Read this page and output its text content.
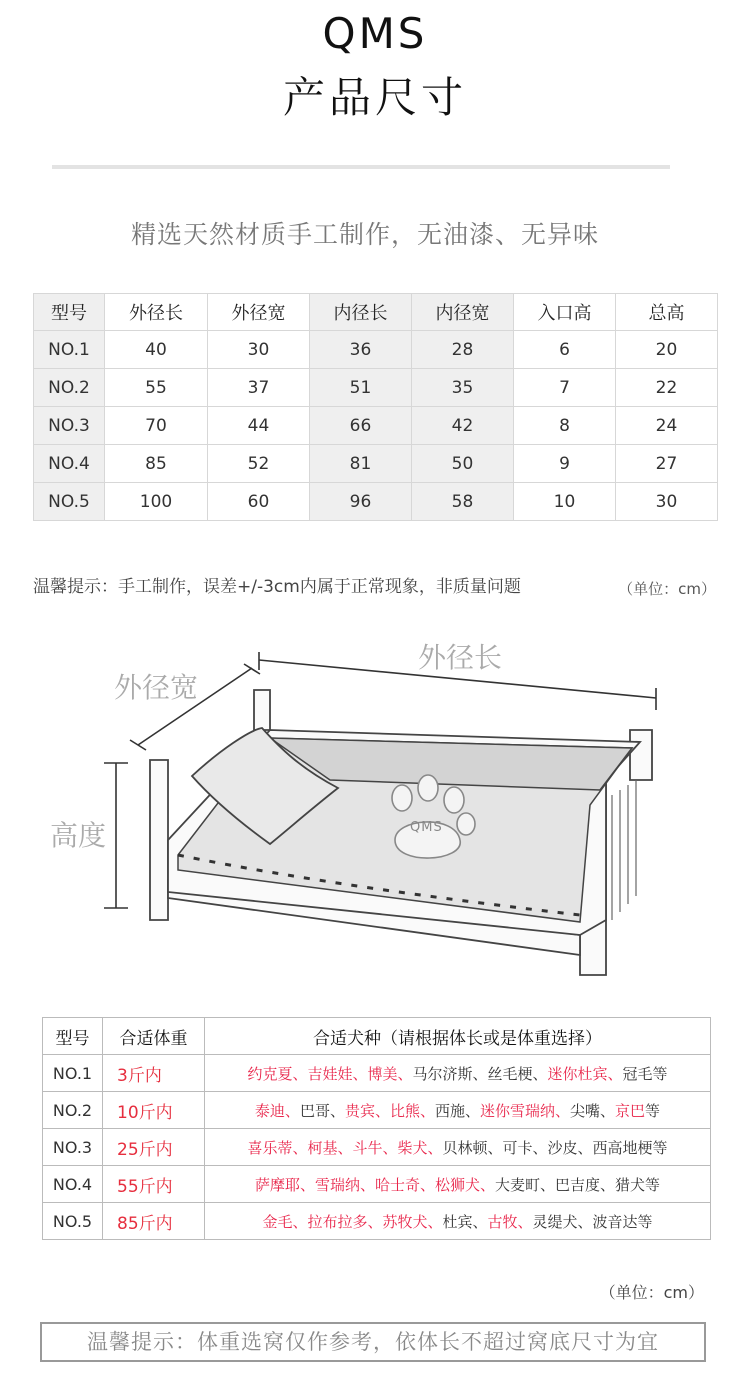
QMS
产品尺寸
精选天然材质手工制作，无油漆、无异味
型号	外径长	外径宽	内径长	内径宽	入口高	总高
NO.1	40	30	36	28	6	20
NO.2	55	37	51	35	7	22
NO.3	70	44	66	42	8	24
NO.4	85	52	81	50	9	27
NO.5	100	60	96	58	10	30
温馨提示：手工制作，误差+/-3cm内属于正常现象，非质量问题	（单位：cm）
QMS
外径长
外径宽
高度
型号	合适体重	合适犬种（请根据体长或是体重选择）
NO.1	3斤内	约克夏、吉娃娃、博美、马尔济斯、丝毛梗、迷你杜宾、冠毛等
NO.2	10斤内	泰迪、巴哥、贵宾、比熊、西施、迷你雪瑞纳、尖嘴、京巴等
NO.3	25斤内	喜乐蒂、柯基、斗牛、柴犬、贝林顿、可卡、沙皮、西高地梗等
NO.4	55斤内	萨摩耶、雪瑞纳、哈士奇、松狮犬、大麦町、巴吉度、猎犬等
NO.5	85斤内	金毛、拉布拉多、苏牧犬、杜宾、古牧、灵缇犬、波音达等
（单位：cm）
温馨提示：体重选窝仅作参考，依体长不超过窝底尺寸为宜
